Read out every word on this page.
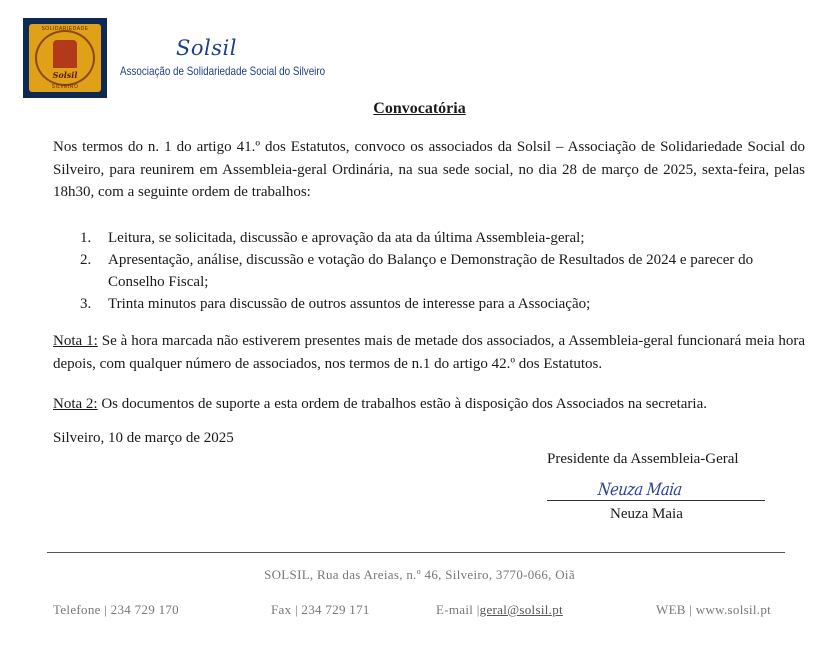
SOLIDARIEDADE
Solsil
SILVEIRO
Solsil
Associação de Solidariedade Social do Silveiro
Convocatória

Nos termos do n. 1 do artigo 41.º dos Estatutos, convoco os associados da Solsil – Associação de Solidariedade Social do Silveiro, para reunirem em Assembleia-geral Ordinária, na sua sede social, no dia 28 de março de 2025, sexta-feira, pelas 18h30, com a seguinte ordem de trabalhos:

1. Leitura, se solicitada, discussão e aprovação da ata da última Assembleia-geral;
2. Apresentação, análise, discussão e votação do Balanço e Demonstração de Resultados de 2024 e parecer do Conselho Fiscal;
3. Trinta minutos para discussão de outros assuntos de interesse para a Associação;

Nota 1: Se à hora marcada não estiverem presentes mais de metade dos associados, a Assembleia-geral funcionará meia hora depois, com qualquer número de associados, nos termos de n.1 do artigo 42.º dos Estatutos.

Nota 2: Os documentos de suporte a esta ordem de trabalhos estão à disposição dos Associados na secretaria.

Silveiro, 10 de março de 2025
Presidente da Assembleia-Geral
Neuza Maia
Neuza Maia
SOLSIL, Rua das Areias, n.º 46, Silveiro, 3770-066, Oiã
Telefone | 234 729 170	Fax | 234 729 171	E-mail |geral@solsil.pt	WEB | www.solsil.pt
